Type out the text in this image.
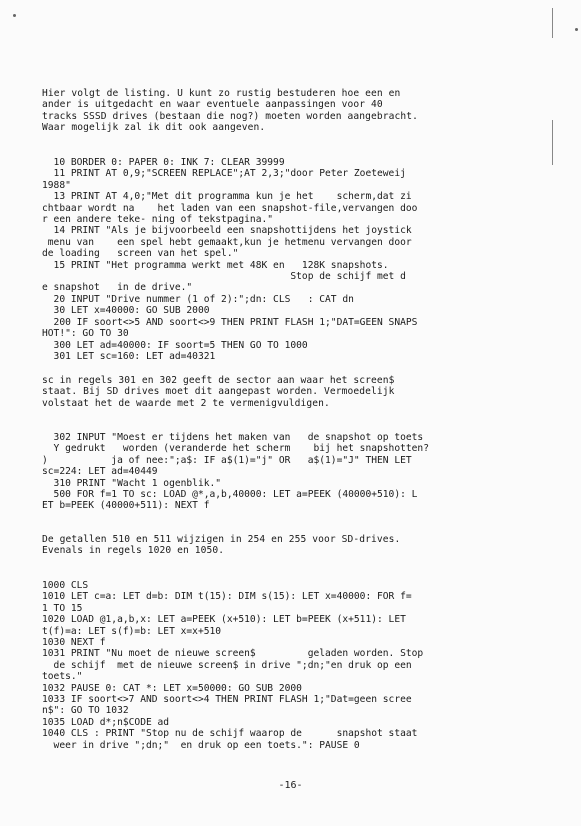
Hier volgt de listing. U kunt zo rustig bestuderen hoe een en
ander is uitgedacht en waar eventuele aanpassingen voor 40
tracks SSSD drives (bestaan die nog?) moeten worden aangebracht.
Waar mogelijk zal ik dit ook aangeven.
10 BORDER 0: PAPER 0: INK 7: CLEAR 39999
11 PRINT AT 0,9;"SCREEN REPLACE";AT 2,3;"door Peter Zoeteweij
1988"
13 PRINT AT 4,0;"Met dit programma kun je het    scherm,dat zi
chtbaar wordt na    het laden van een snapshot-file,vervangen doo
r een andere teke- ning of tekstpagina."
14 PRINT "Als je bijvoorbeeld een snapshottijdens het joystick
menu van    een spel hebt gemaakt,kun je hetmenu vervangen door
de loading   screen van het spel."
15 PRINT "Het programma werkt met 48K en   128K snapshots.
Stop de schijf met d
e snapshot   in de drive."
20 INPUT "Drive nummer (1 of 2):";dn: CLS   : CAT dn
30 LET x=40000: GO SUB 2000
200 IF soort<>5 AND soort<>9 THEN PRINT FLASH 1;"DAT=GEEN SNAPS
HOT!": GO TO 30
300 LET ad=40000: IF soort=5 THEN GO TO 1000
301 LET sc=160: LET ad=40321
sc in regels 301 en 302 geeft de sector aan waar het screen$
staat. Bij SD drives moet dit aangepast worden. Vermoedelijk
volstaat het de waarde met 2 te vermenigvuldigen.
302 INPUT "Moest er tijdens het maken van   de snapshot op toets
Y gedrukt   worden (veranderde het scherm    bij het snapshotten?
)           ja of nee:";a$: IF a$(1)="j" OR   a$(1)="J" THEN LET
sc=224: LET ad=40449
310 PRINT "Wacht 1 ogenblik."
500 FOR f=1 TO sc: LOAD @*,a,b,40000: LET a=PEEK (40000+510): L
ET b=PEEK (40000+511): NEXT f
De getallen 510 en 511 wijzigen in 254 en 255 voor SD-drives.
Evenals in regels 1020 en 1050.
1000 CLS
1010 LET c=a: LET d=b: DIM t(15): DIM s(15): LET x=40000: FOR f=
1 TO 15
1020 LOAD @1,a,b,x: LET a=PEEK (x+510): LET b=PEEK (x+511): LET
t(f)=a: LET s(f)=b: LET x=x+510
1030 NEXT f
1031 PRINT "Nu moet de nieuwe screen$         geladen worden. Stop
de schijf  met de nieuwe screen$ in drive ";dn;"en druk op een
toets."
1032 PAUSE 0: CAT *: LET x=50000: GO SUB 2000
1033 IF soort<>7 AND soort<>4 THEN PRINT FLASH 1;"Dat=geen scree
n$": GO TO 1032
1035 LOAD d*;n$CODE ad
1040 CLS : PRINT "Stop nu de schijf waarop de      snapshot staat
weer in drive ";dn;"  en druk op een toets.": PAUSE 0
-16-
